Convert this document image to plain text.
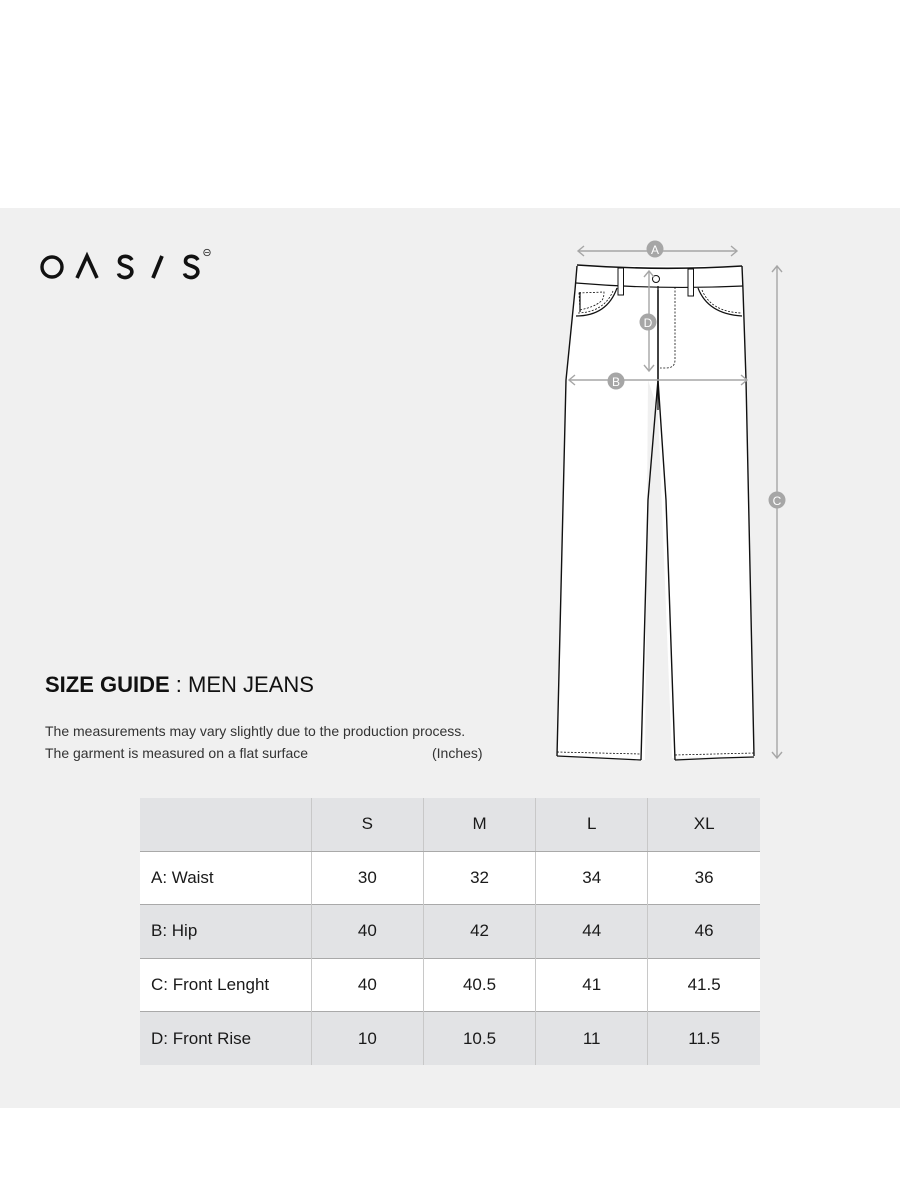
A
B
C
D
SIZE GUIDE : MEN JEANS
The measurements may vary slightly due to the production process.
The garment is measured on a flat surface	(Inches)
	S	M	L	XL
A: Waist	30	32	34	36
B: Hip	40	42	44	46
C: Front Lenght	40	40.5	41	41.5
D: Front Rise	10	10.5	11	11.5
